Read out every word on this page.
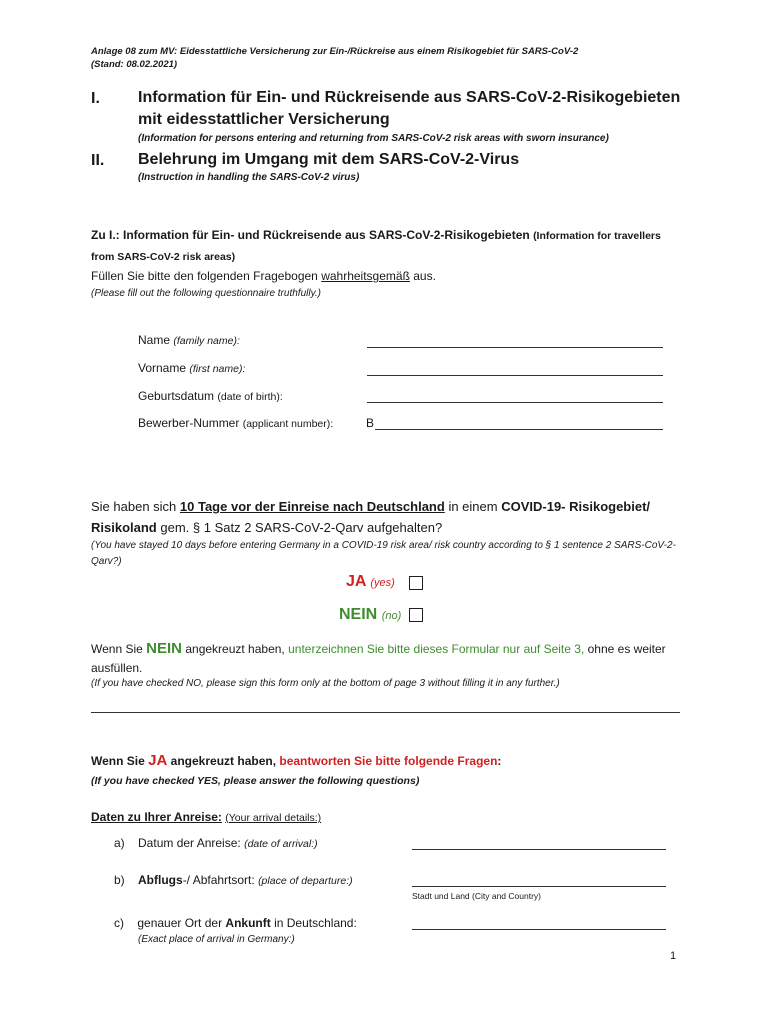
Anlage 08 zum MV: Eidesstattliche Versicherung zur Ein-/Rückreise aus einem Risikogebiet für SARS-CoV-2
(Stand: 08.02.2021)
I. Information für Ein- und Rückreisende aus SARS-CoV-2-Risikogebieten
mit eidesstattlicher Versicherung
(Information for persons entering and returning from SARS-CoV-2 risk areas with sworn insurance)
II. Belehrung im Umgang mit dem SARS-CoV-2-Virus
(Instruction in handling the SARS-CoV-2 virus)
Zu I.: Information für Ein- und Rückreisende aus SARS-CoV-2-Risikogebieten (Information for travellers from SARS-CoV-2 risk areas)
Füllen Sie bitte den folgenden Fragebogen wahrheitsgemäß aus.
(Please fill out the following questionnaire truthfully.)
Name (family name):
Vorname (first name):
Geburtsdatum (date of birth):
Bewerber-Nummer (applicant number):	B
Sie haben sich 10 Tage vor der Einreise nach Deutschland in einem COVID-19- Risikogebiet/ Risikoland gem. § 1 Satz 2 SARS-CoV-2-Qarv aufgehalten?
(You have stayed 10 days before entering Germany in a COVID-19 risk area/ risk country according to § 1 sentence 2 SARS-CoV-2-Qarv?)
JA (yes)
NEIN (no)
Wenn Sie NEIN angekreuzt haben, unterzeichnen Sie bitte dieses Formular nur auf Seite 3, ohne es weiter ausfüllen.
(If you have checked NO, please sign this form only at the bottom of page 3 without filling it in any further.)
Wenn Sie JA angekreuzt haben, beantworten Sie bitte folgende Fragen:
(If you have checked YES, please answer the following questions)
Daten zu Ihrer Anreise: (Your arrival details:)
a) Datum der Anreise: (date of arrival:)
b) Abflugs-/ Abfahrtsort: (place of departure:)
Stadt und Land (City and Country)
c) genauer Ort der Ankunft in Deutschland:
(Exact place of arrival in Germany:)
1
